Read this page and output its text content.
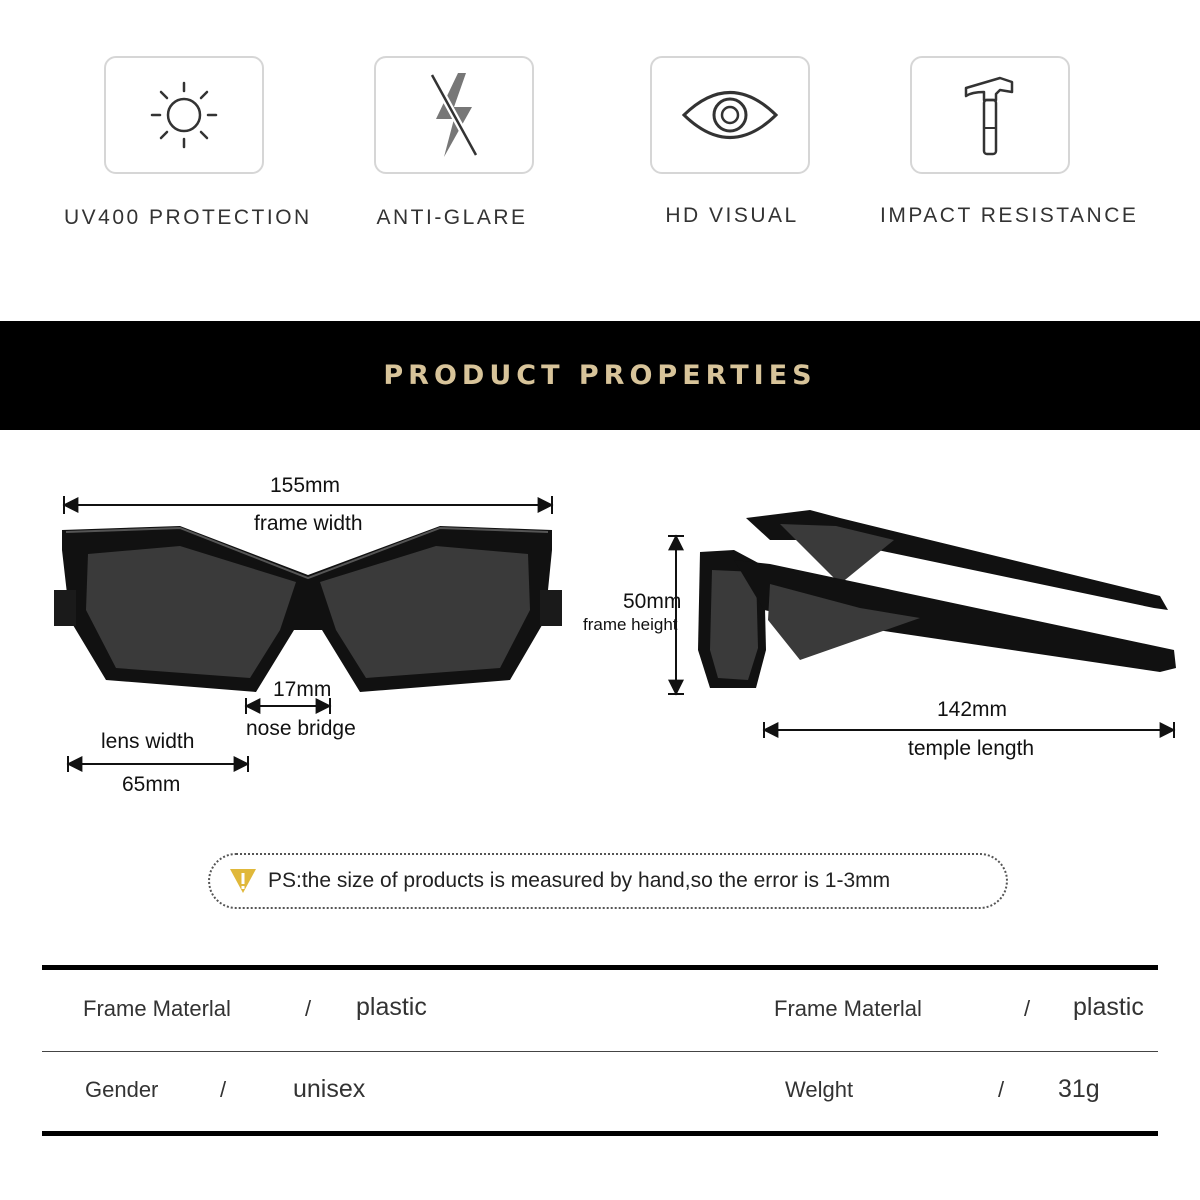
UV400 PROTECTION	ANTI-GLARE	HD VISUAL	IMPACT RESISTANCE
PRODUCT PROPERTIES
155mm
frame width
17mm
nose bridge
lens width
65mm
50mm
frame height
142mm
temple length
PS:the size of products is measured by hand,so the error is 1-3mm
Frame Materlal	/ plastic	Frame Materlal	/ plastic
Gender	/	unisex	Welght	/ 31g
